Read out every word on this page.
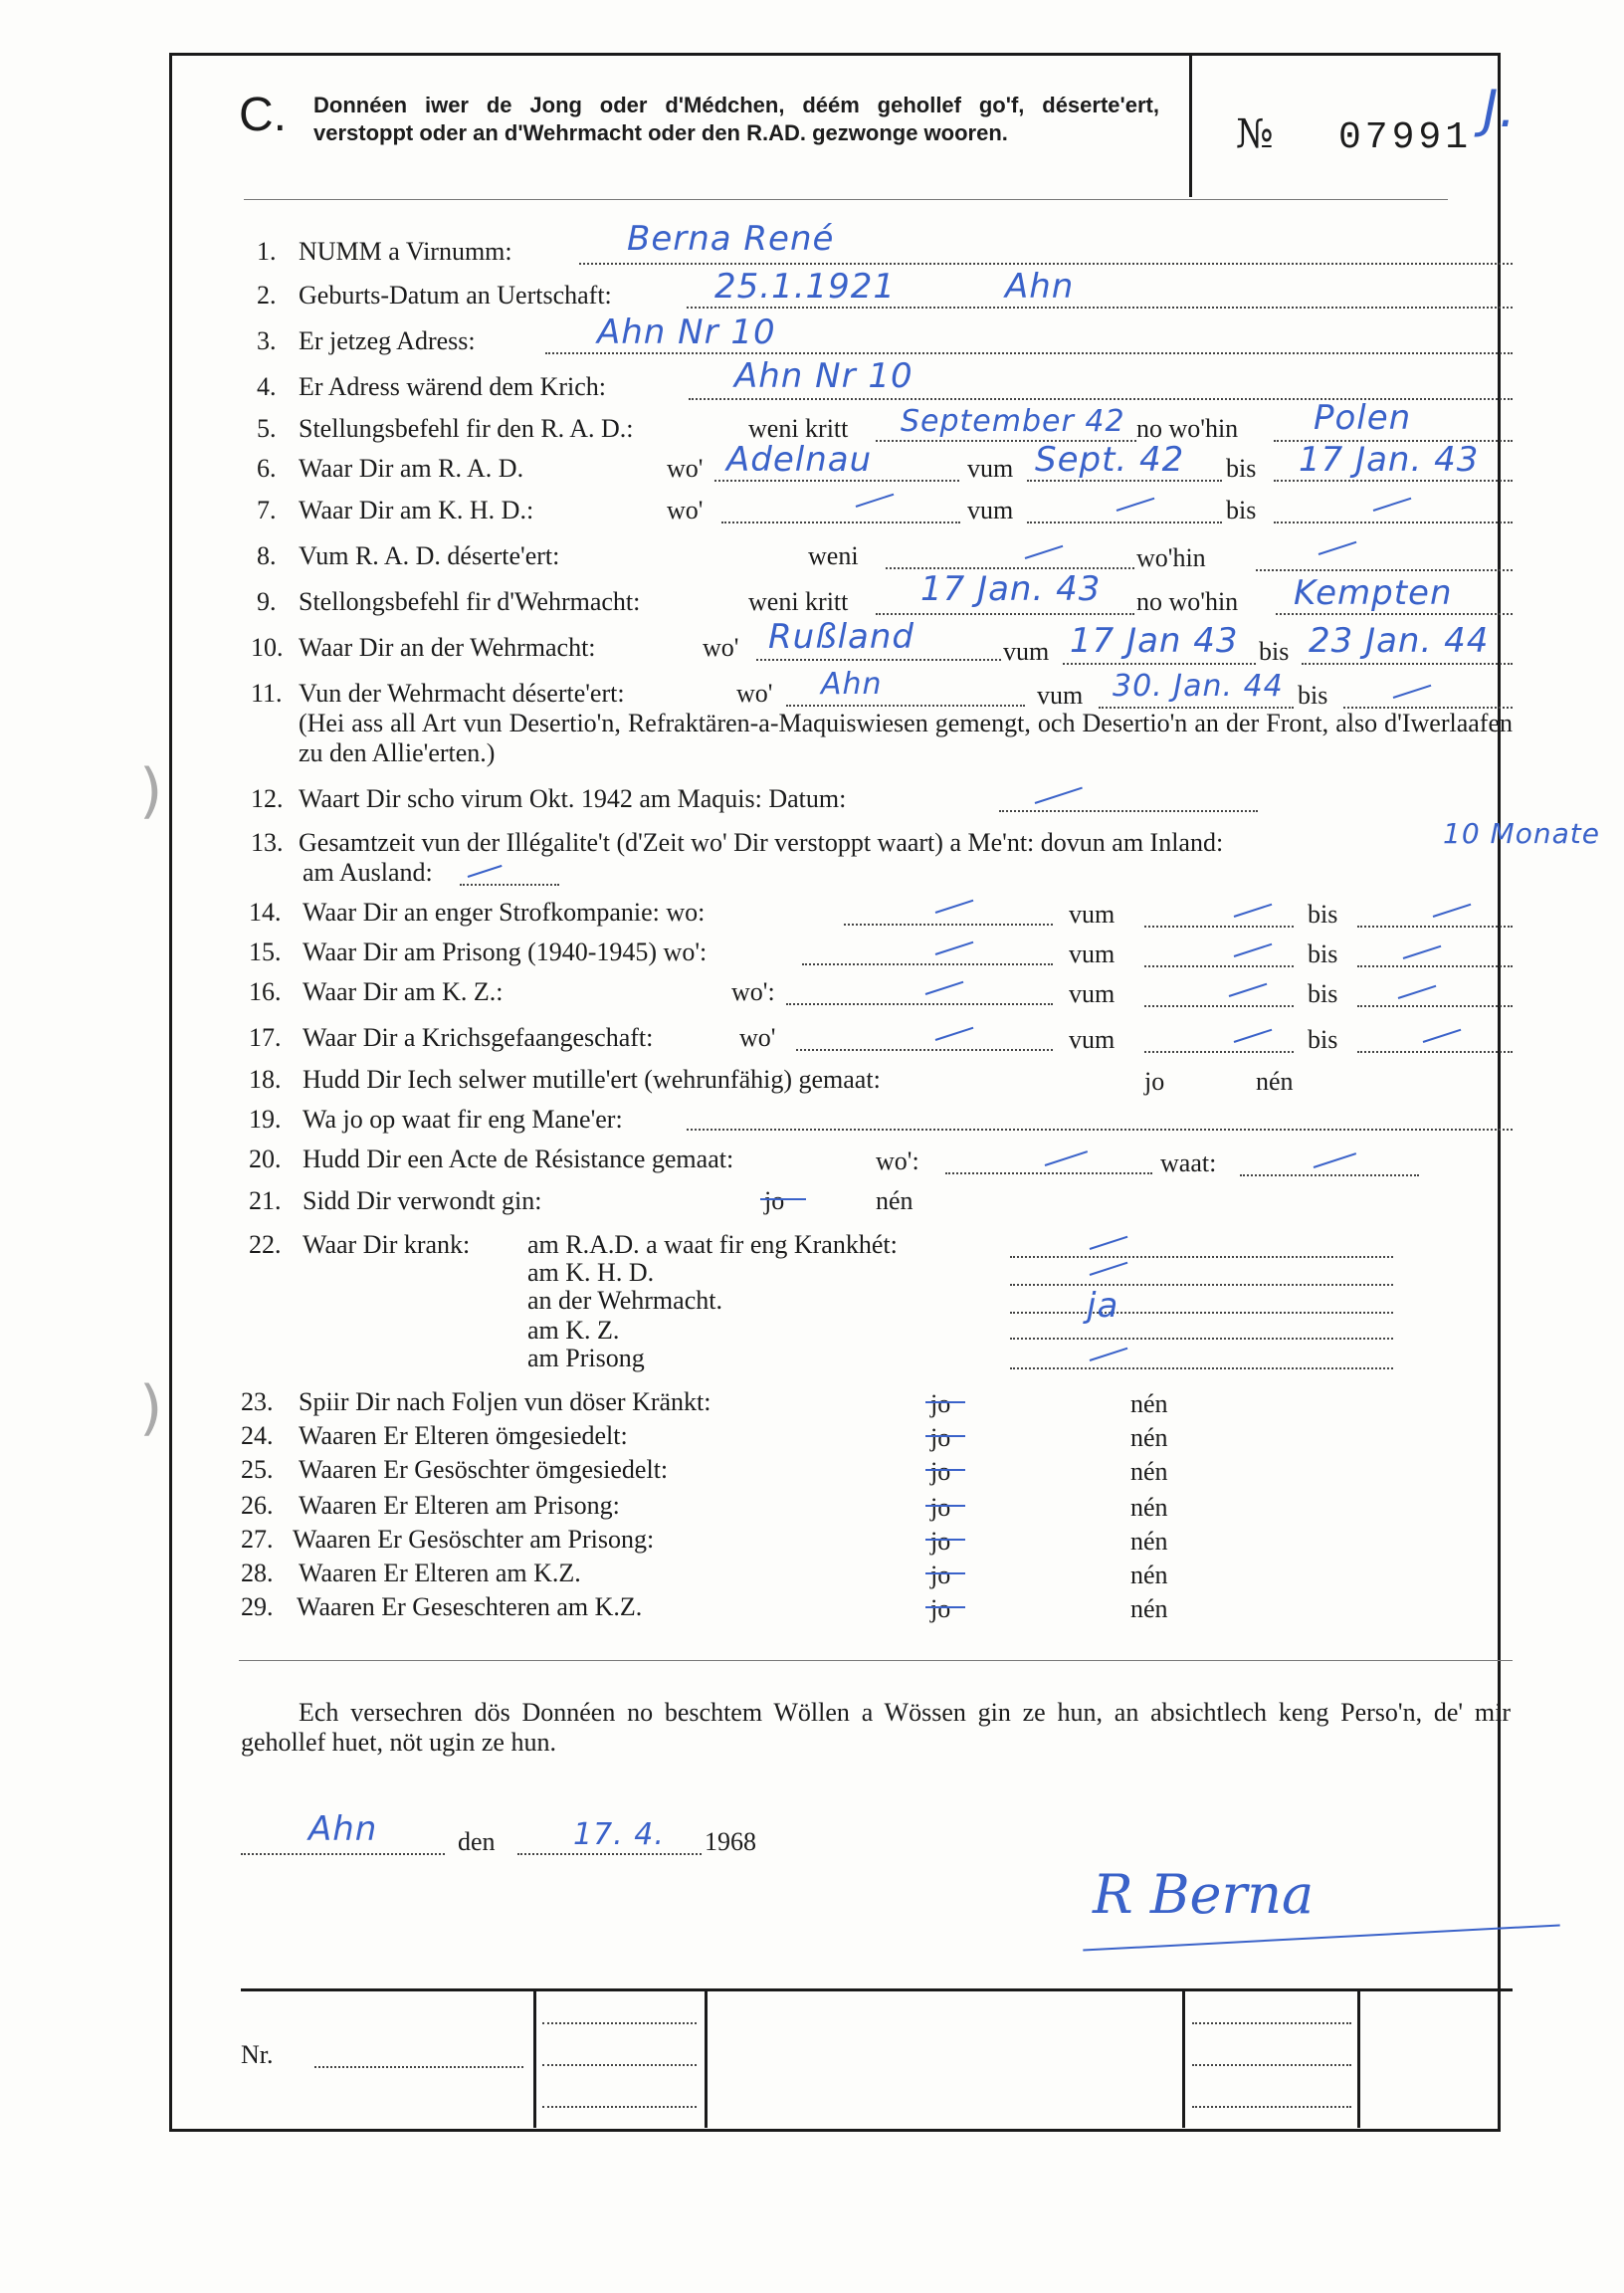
C. Donnéen iwer de Jong oder d'Médchen, déém gehollef go'f, déserte'ert, verstoppt oder an d'Wehrmacht oder den R.AD. gezwonge wooren.	№ 07991 J.
1. NUMM a Virnumm:	Berna René
2. Geburts-Datum an Uertschaft:	25.1.1921	Ahn
3. Er jetzeg Adress:	Ahn Nr 10
4. Er Adress wärend dem Krich:	Ahn Nr 10
5. Stellungsbefehl fir den R. A. D.:	weni kritt September 42 no wo'hin Polen
6. Waar Dir am R. A. D.	wo' Adelnau	vum Sept. 42 bis 17 Jan. 43
7. Waar Dir am K. H. D.:	wo'	vum	bis
8. Vum R. A. D. déserte'ert:	weni	wo'hin
9. Stellongsbefehl fir d'Wehrmacht:	weni kritt 17 Jan. 43 no wo'hin Kempten
10. Waar Dir an der Wehrmacht:	wo' Rußland	vum 17 Jan 43 bis 23 Jan. 44
11. Vun der Wehrmacht déserte'ert:	wo' Ahn	vum 30. Jan. 44 bis
(Hei ass all Art vun Desertio'n, Refraktären-a-Maquiswiesen gemengt, och Desertio'n an der Front, also d'Iwerlaafen zu den Allie'erten.)
12. Waart Dir scho virum Okt. 1942 am Maquis: Datum:
13. Gesamtzeit vun der Illégalite't (d'Zeit wo' Dir verstoppt waart) a Me'nt: dovun am Inland:	10 Monate
am Ausland:
14. Waar Dir an enger Strofkompanie: wo:	vum	bis
15. Waar Dir am Prisong (1940-1945) wo':	vum	bis
16. Waar Dir am K. Z.:	wo':	vum	bis
17. Waar Dir a Krichsgefaangeschaft:	wo'	vum	bis
18. Hudd Dir Iech selwer mutille'ert (wehrunfähig) gemaat:	jo	nén
19. Wa jo op waat fir eng Mane'er:
20. Hudd Dir een Acte de Résistance gemaat:	wo':	waat:
21. Sidd Dir verwondt gin:	jo	nén
22. Waar Dir krank: am R.A.D. a waat fir eng Krankhét:
am K. H. D.
an der Wehrmacht.	ja
am K. Z.
am Prisong
23. Spiir Dir nach Foljen vun döser Kränkt:	jo	nén
24. Waaren Er Elteren ömgesiedelt:	jo	nén
25. Waaren Er Gesöschter ömgesiedelt:	jo	nén
26. Waaren Er Elteren am Prisong:	jo	nén
27. Waaren Er Gesöschter am Prisong:	jo	nén
28. Waaren Er Elteren am K.Z.	jo	nén
29. Waaren Er Geseschteren am K.Z.	jo	nén
Ech versechren dös Donnéen no beschtem Wöllen a Wössen gin ze hun, an absichtlech keng Perso'n, de' mir gehollef huet, nöt ugin ze hun.
Ahn	den	17. 4. 1968
R Berna
Nr.
)
)
